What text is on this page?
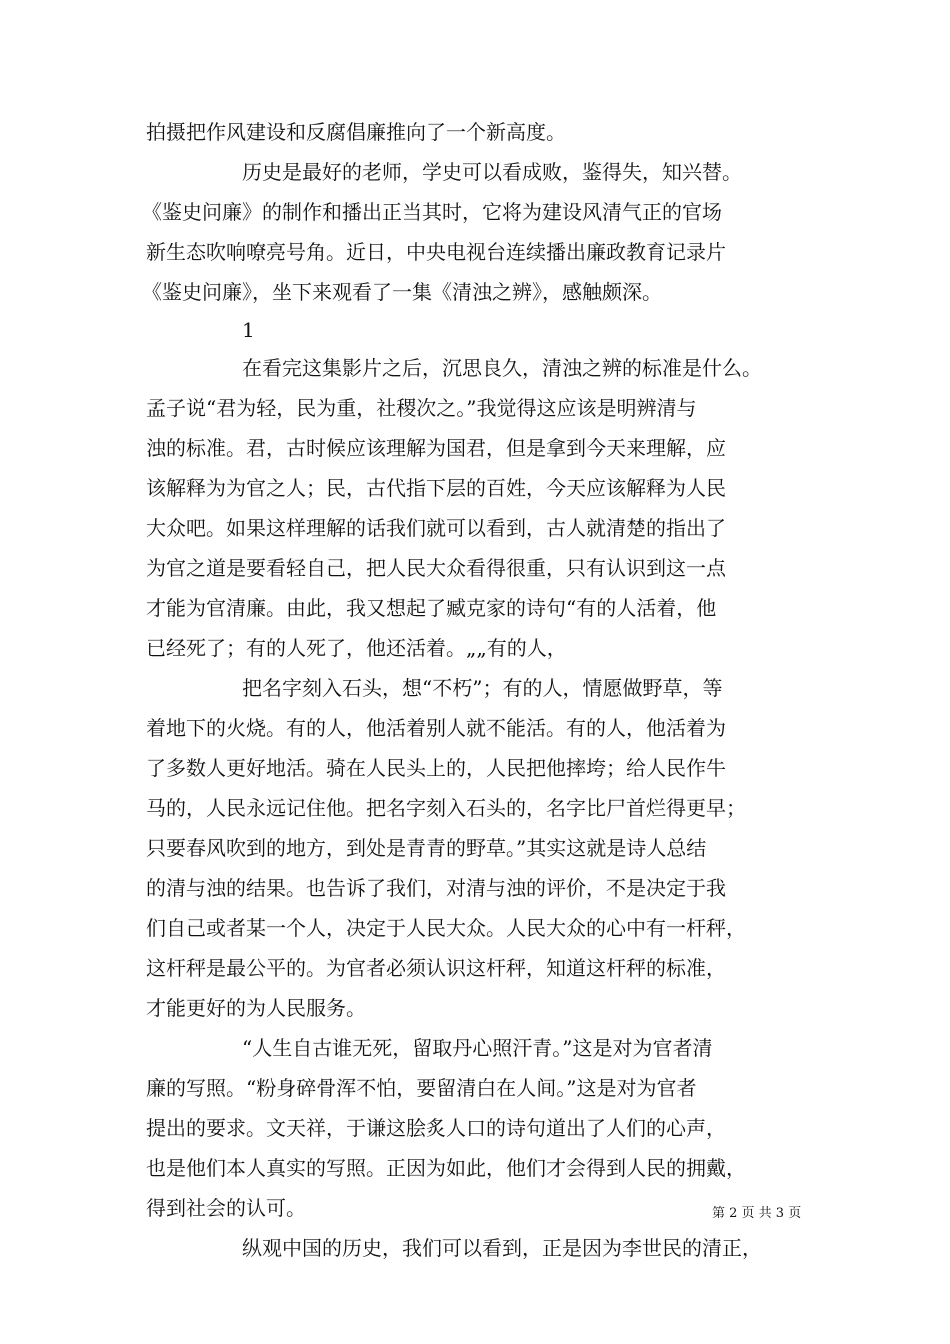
拍摄把作风建设和反腐倡廉推向了一个新高度。
历史是最好的老师，学史可以看成败，鉴得失，知兴替。
《鉴史问廉》的制作和播出正当其时，它将为建设风清气正的官场
新生态吹响嘹亮号角。近日，中央电视台连续播出廉政教育记录片
《鉴史问廉》，坐下来观看了一集《清浊之辨》，感触颇深。
1
在看完这集影片之后，沉思良久，清浊之辨的标准是什么。
孟子说“君为轻，民为重，社稷次之。”我觉得这应该是明辨清与
浊的标准。君，古时候应该理解为国君，但是拿到今天来理解，应
该解释为为官之人；民，古代指下层的百姓，今天应该解释为人民
大众吧。如果这样理解的话我们就可以看到，古人就清楚的指出了
为官之道是要看轻自己，把人民大众看得很重，只有认识到这一点
才能为官清廉。由此，我又想起了臧克家的诗句“有的人活着，他
已经死了；有的人死了，他还活着。„„有的人，
把名字刻入石头，想“不朽”；有的人，情愿做野草，等
着地下的火烧。有的人，他活着别人就不能活。有的人，他活着为
了多数人更好地活。骑在人民头上的，人民把他摔垮；给人民作牛
马的，人民永远记住他。把名字刻入石头的，名字比尸首烂得更早；
只要春风吹到的地方，到处是青青的野草。”其实这就是诗人总结
的清与浊的结果。也告诉了我们，对清与浊的评价，不是决定于我
们自己或者某一个人，决定于人民大众。人民大众的心中有一杆秤，
这杆秤是最公平的。为官者必须认识这杆秤，知道这杆秤的标准，
才能更好的为人民服务。
“人生自古谁无死，留取丹心照汗青。”这是对为官者清
廉的写照。“粉身碎骨浑不怕，要留清白在人间。”这是对为官者
提出的要求。文天祥，于谦这脍炙人口的诗句道出了人们的心声，
也是他们本人真实的写照。正因为如此，他们才会得到人民的拥戴，
得到社会的认可。
纵观中国的历史，我们可以看到，正是因为李世民的清正，
第 2 页 共 3 页
